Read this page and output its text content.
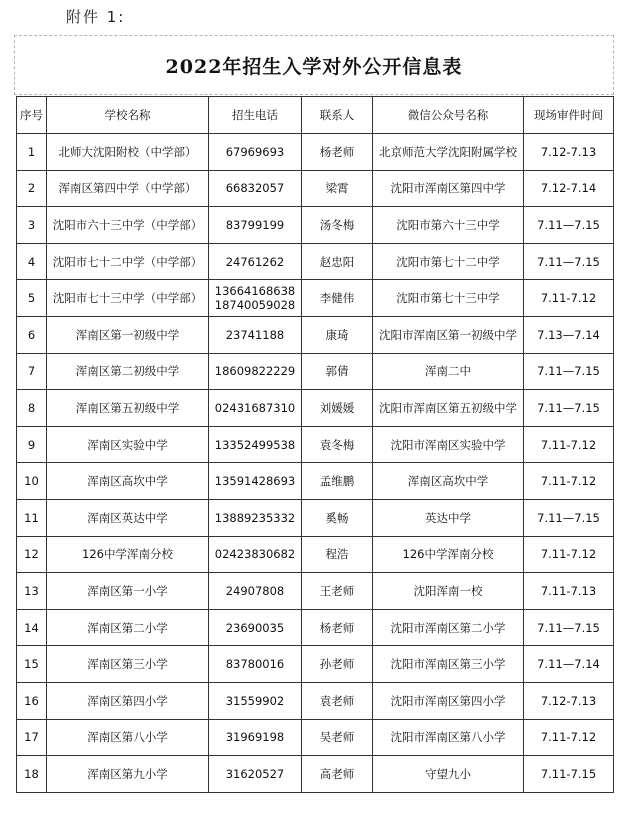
附件 1:
2022年招生入学对外公开信息表
序号	学校名称	招生电话	联系人	微信公众号名称	现场审件时间
1	北师大沈阳附校（中学部）	67969693	杨老师	北京师范大学沈阳附属学校	7.12-7.13
2	浑南区第四中学（中学部）	66832057	梁霄	沈阳市浑南区第四中学	7.12-7.14
3	沈阳市六十三中学（中学部）	83799199	汤冬梅	沈阳市第六十三中学	7.11—7.15
4	沈阳市七十二中学（中学部）	24761262	赵忠阳	沈阳市第七十二中学	7.11—7.15
5	沈阳市七十三中学（中学部）	13664168638 18740059028	李健伟	沈阳市第七十三中学	7.11-7.12
6	浑南区第一初级中学	23741188	康琦	沈阳市浑南区第一初级中学	7.13—7.14
7	浑南区第二初级中学	18609822229	郭倩	浑南二中	7.11—7.15
8	浑南区第五初级中学	02431687310	刘媛媛	沈阳市浑南区第五初级中学	7.11—7.15
9	浑南区实验中学	13352499538	袁冬梅	沈阳市浑南区实验中学	7.11-7.12
10	浑南区高坎中学	13591428693	孟维鹏	浑南区高坎中学	7.11-7.12
11	浑南区英达中学	13889235332	奚畅	英达中学	7.11—7.15
12	126中学浑南分校	02423830682	程浩	126中学浑南分校	7.11-7.12
13	浑南区第一小学	24907808	王老师	沈阳浑南一校	7.11-7.13
14	浑南区第二小学	23690035	杨老师	沈阳市浑南区第二小学	7.11—7.15
15	浑南区第三小学	83780016	孙老师	沈阳市浑南区第三小学	7.11—7.14
16	浑南区第四小学	31559902	袁老师	沈阳市浑南区第四小学	7.12-7.13
17	浑南区第八小学	31969198	吴老师	沈阳市浑南区第八小学	7.11-7.12
18	浑南区第九小学	31620527	高老师	守望九小	7.11-7.15
